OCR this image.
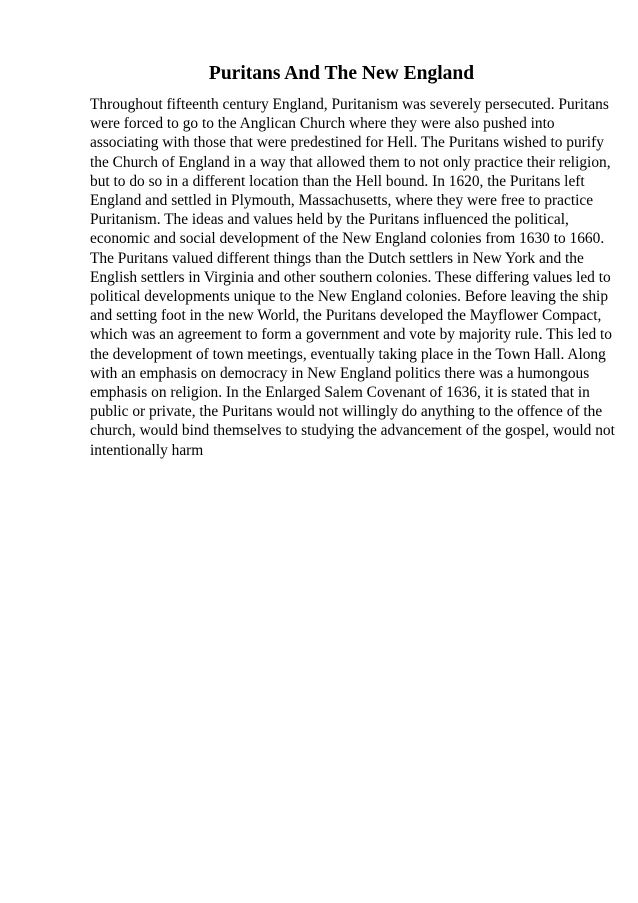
Puritans And The New England
Throughout fifteenth century England, Puritanism was severely persecuted. Puritans
were forced to go to the Anglican Church where they were also pushed into
associating with those that were predestined for Hell. The Puritans wished to purify
the Church of England in a way that allowed them to not only practice their religion,
but to do so in a different location than the Hell bound. In 1620, the Puritans left
England and settled in Plymouth, Massachusetts, where they were free to practice
Puritanism. The ideas and values held by the Puritans influenced the political,
economic and social development of the New England colonies from 1630 to 1660.
The Puritans valued different things than the Dutch settlers in New York and the
English settlers in Virginia and other southern colonies. These differing values led to
political developments unique to the New England colonies. Before leaving the ship
and setting foot in the new World, the Puritans developed the Mayflower Compact,
which was an agreement to form a government and vote by majority rule. This led to
the development of town meetings, eventually taking place in the Town Hall. Along
with an emphasis on democracy in New England politics there was a humongous
emphasis on religion. In the Enlarged Salem Covenant of 1636, it is stated that in
public or private, the Puritans would not willingly do anything to the offence of the
church, would bind themselves to studying the advancement of the gospel, would not
intentionally harm
